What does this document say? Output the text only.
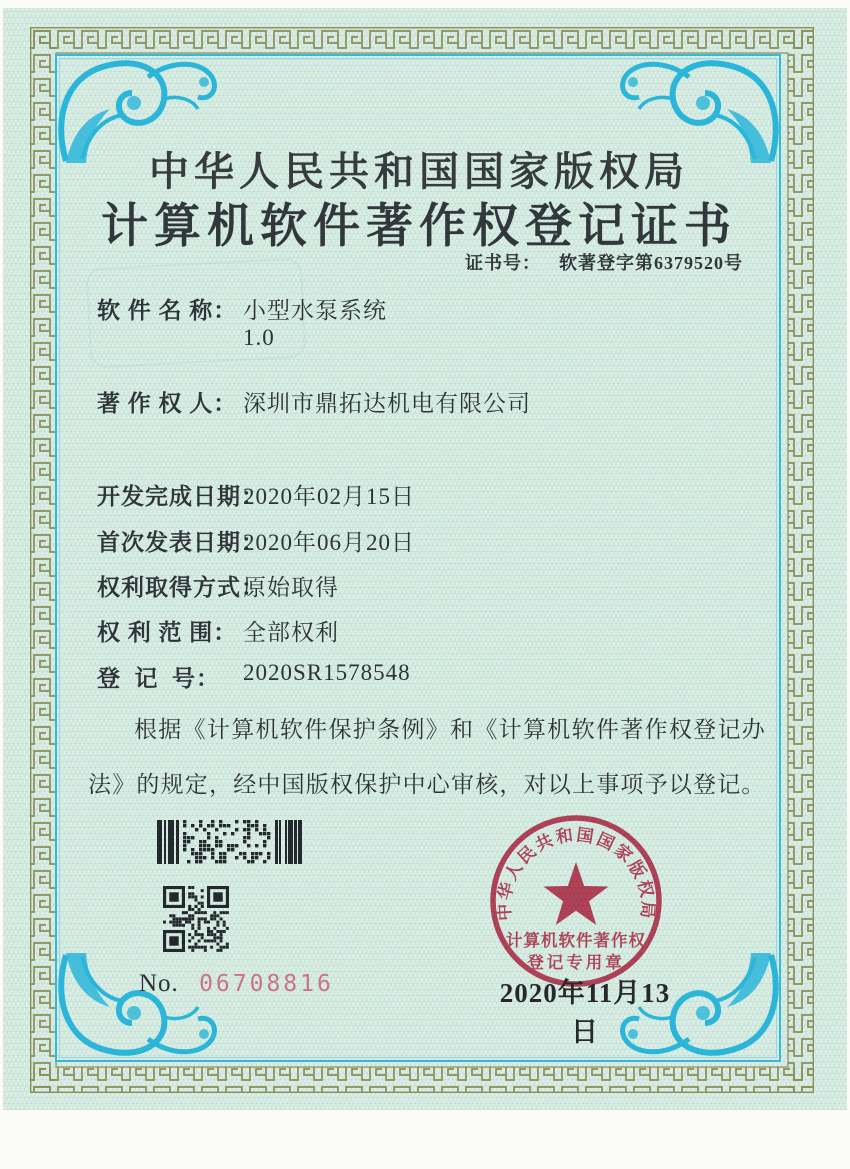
中华人民共和国国家版权局
计算机软件著作权登记证书
证书号： 软著登字第6379520号
软 件 名 称： 小型水泵系统
1.0
著 作 权 人： 深圳市鼎拓达机电有限公司
开发完成日期：
2020年02月15日
首次发表日期：
2020年06月20日
权利取得方式：
原始取得
权 利 范 围： 全部权利
登  记  号：	2020SR1578548
根据《计算机软件保护条例》和《计算机软件著作权登记办法》的规定，经中国版权保护中心审核，对以上事项予以登记。
No. 06708816
中华人民共和国国家版权局
计算机软件著作权
登记专用章
2020年11月13日
